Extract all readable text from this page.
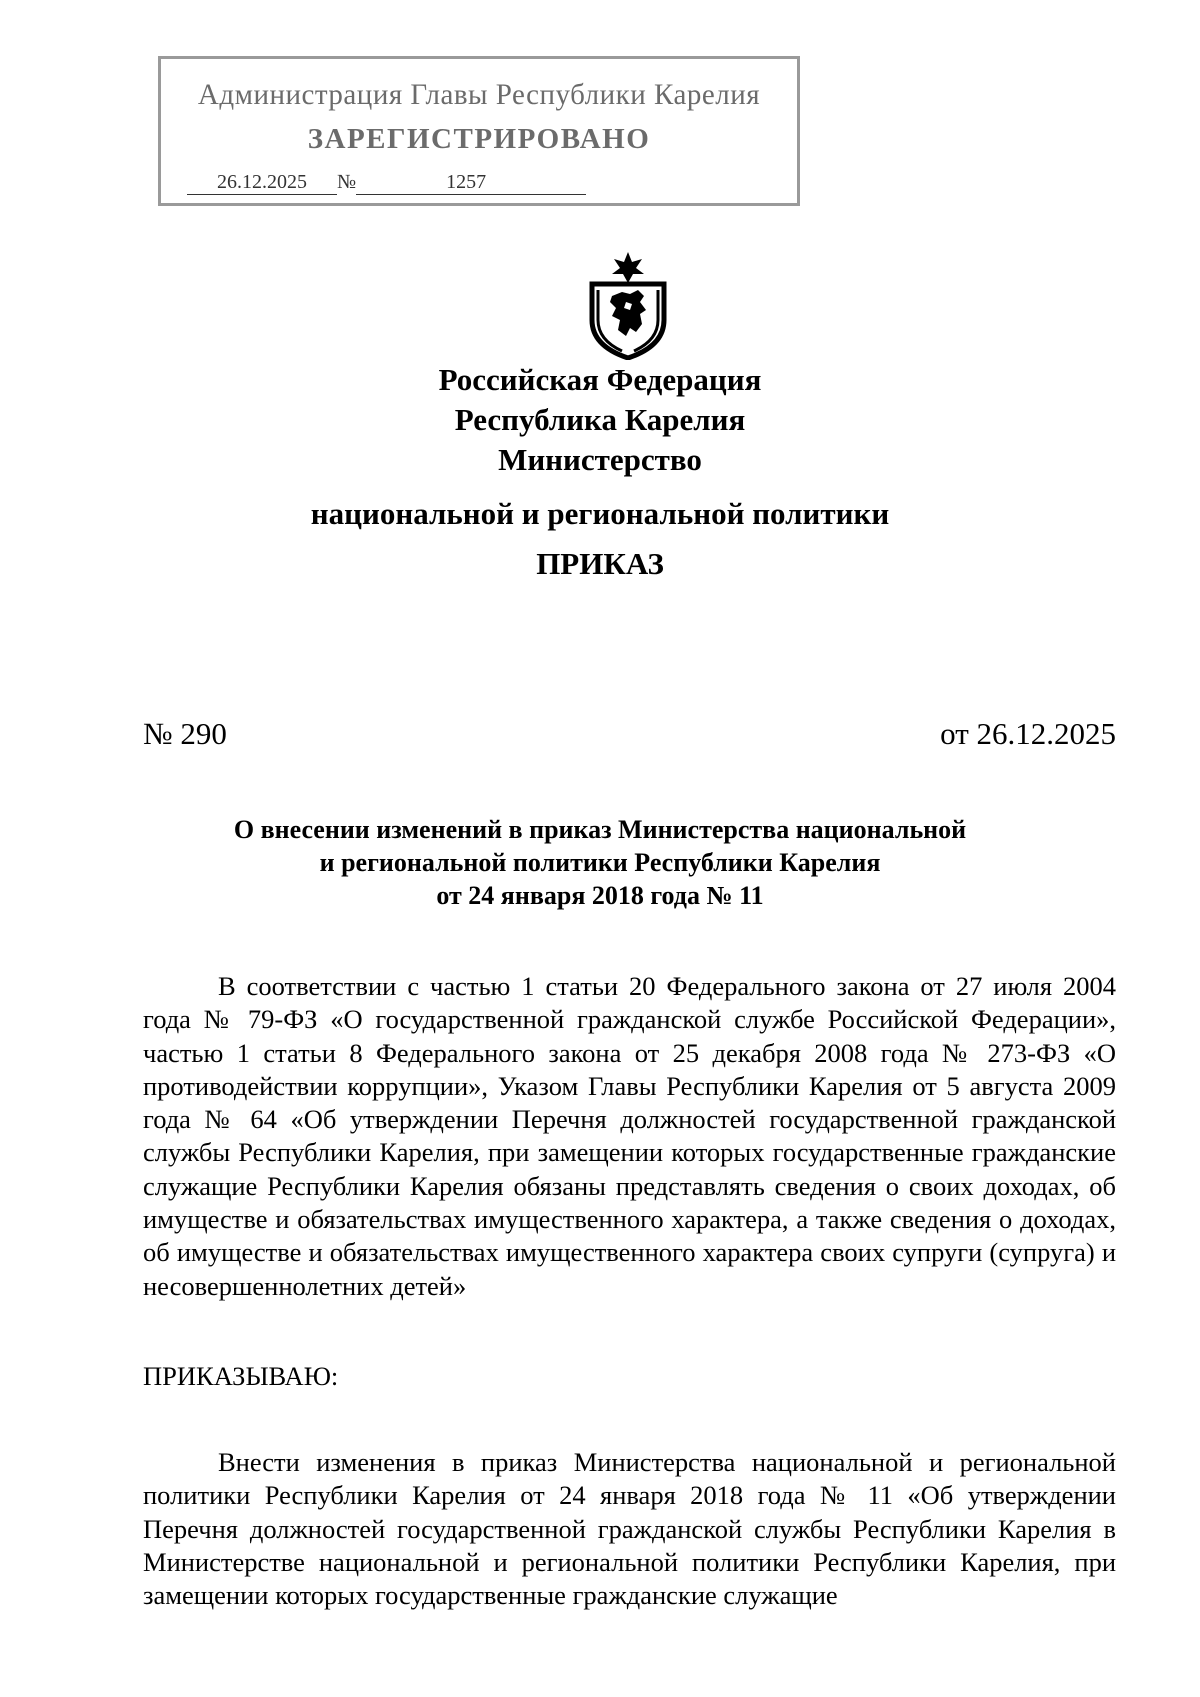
Администрация Главы Республики Карелия
ЗАРЕГИСТРИРОВАНО
26.12.2025 №	1257
Российская Федерация
Республика Карелия
Министерство
национальной и региональной политики
ПРИКАЗ
№ 290	от 26.12.2025
О внесении изменений в приказ Министерства национальной
и региональной политики Республики Карелия
от 24 января 2018 года № 11

В соответствии с частью 1 статьи 20 Федерального закона от 27 июля 2004 года № 79-ФЗ «О государственной гражданской службе Российской Федерации», частью 1 статьи 8 Федерального закона от 25 декабря 2008 года № 273-ФЗ «О противодействии коррупции», Указом Главы Республики Карелия от 5 августа 2009 года № 64 «Об утверждении Перечня должностей государственной гражданской службы Республики Карелия, при замещении которых государственные гражданские служащие Республики Карелия обязаны представлять сведения о своих доходах, об имуществе и обязательствах имущественного характера, а также сведения о доходах, об имуществе и обязательствах имущественного характера своих супруги (супруга) и несовершеннолетних детей»

ПРИКАЗЫВАЮ:

Внести изменения в приказ Министерства национальной и региональной политики Республики Карелия от 24 января 2018 года № 11 «Об утверждении Перечня должностей государственной гражданской службы Республики Карелия в Министерстве национальной и региональной политики Республики Карелия, при замещении которых государственные гражданские служащие
